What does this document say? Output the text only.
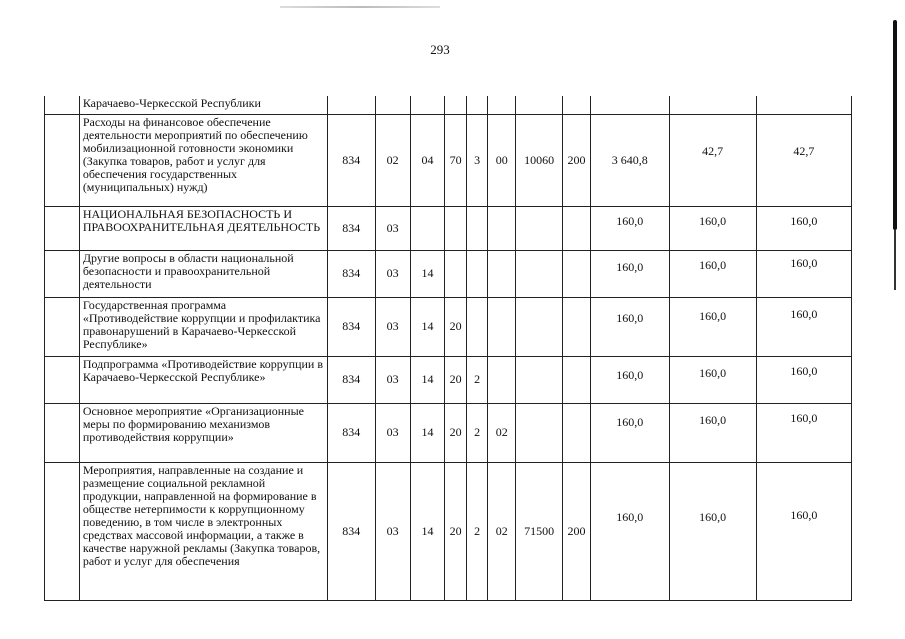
293
	Карачаево-Черкесской Республики											
	Расходы на финансовое обеспечение деятельности мероприятий по обеспечению мобилизационной готовности экономики (Закупка товаров, работ и услуг для обеспечения государственных (муниципальных) нужд)	834	02	04	70	3	00	10060	200	3 640,8	42,7	42,7
	НАЦИОНАЛЬНАЯ БЕЗОПАСНОСТЬ И ПРАВООХРАНИТЕЛЬНАЯ ДЕЯТЕЛЬНОСТЬ	834	03							160,0	160,0	160,0
	Другие вопросы в области национальной безопасности и правоохранительной деятельности	834	03	14						160,0	160,0	160,0
	Государственная программа «Противодействие коррупции и профилактика правонарушений в Карачаево-Черкесской Республике»	834	03	14	20					160,0	160,0	160,0
	Подпрограмма «Противодействие коррупции в Карачаево-Черкесской Республике»	834	03	14	20	2				160,0	160,0	160,0
	Основное мероприятие «Организационные меры по формированию механизмов противодействия коррупции»	834	03	14	20	2	02			160,0	160,0	160,0
	Мероприятия, направленные на создание и размещение социальной рекламной продукции, направленной на формирование в обществе нетерпимости к коррупционному поведению, в том числе в электронных средствах массовой информации, а также в качестве наружной рекламы (Закупка товаров, работ и услуг для обеспечения	834	03	14	20	2	02	71500	200	160,0	160,0	160,0
